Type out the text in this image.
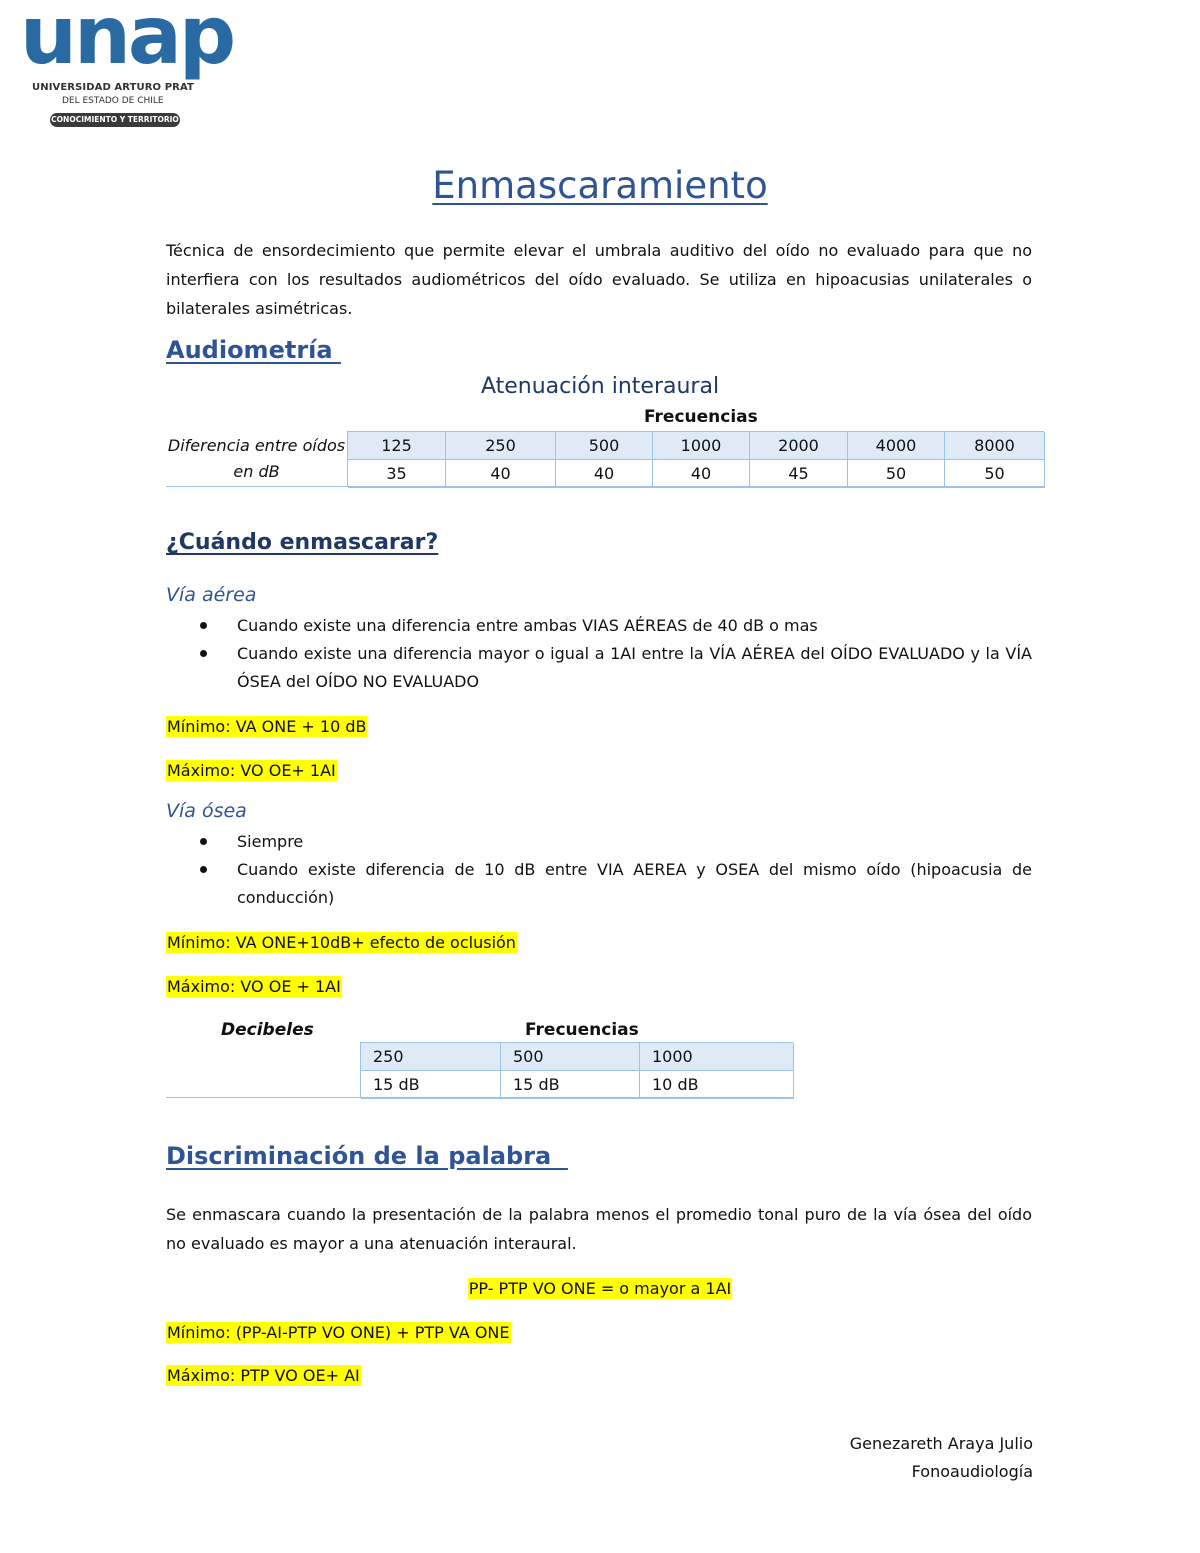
unap
UNIVERSIDAD ARTURO PRAT
DEL ESTADO DE CHILE
CONOCIMIENTO Y TERRITORIO
Enmascaramiento

Técnica de ensordecimiento que permite elevar el umbrala auditivo del oído no evaluado para que no interfiera con los resultados audiométricos del oído evaluado. Se utiliza en hipoacusias unilaterales o bilaterales asimétricas.

Audiometría
Atenuación interaural
Frecuencias
Diferencia entre oídos en dB
125	250	500	1000	2000	4000	8000
35	40	40	40	45	50	50
¿Cuándo enmascarar?
Vía aérea
Cuando existe una diferencia entre ambas VIAS AÉREAS de 40 dB o mas
Cuando existe una diferencia mayor o igual a 1AI entre la VÍA AÉREA del OÍDO EVALUADO y la VÍA ÓSEA del OÍDO NO EVALUADO
Mínimo: VA ONE + 10 dB
Máximo: VO OE+ 1AI
Vía ósea
Siempre
Cuando existe diferencia de 10 dB entre VIA AEREA y OSEA del mismo oído (hipoacusia de conducción)
Mínimo: VA ONE+10dB+ efecto de oclusión
Máximo: VO OE + 1AI
Decibeles	Frecuencias
250	500	1000
15 dB	15 dB	10 dB
Discriminación de la palabra

Se enmascara cuando la presentación de la palabra menos el promedio tonal puro de la vía ósea del oído no evaluado es mayor a una atenuación interaural.

PP- PTP VO ONE = o mayor a 1AI
Mínimo: (PP-AI-PTP VO ONE) + PTP VA ONE
Máximo: PTP VO OE+ AI
Genezareth Araya Julio
Fonoaudiología
